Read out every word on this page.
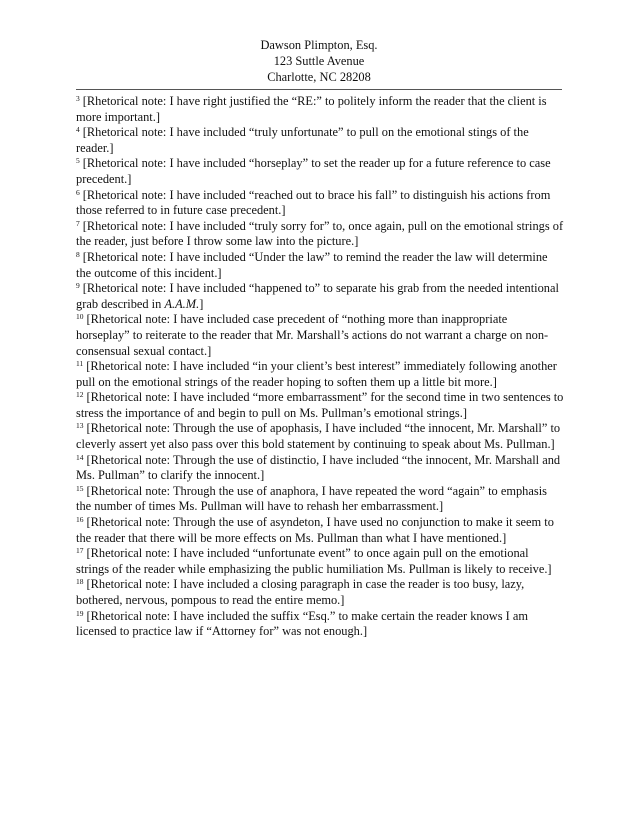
Dawson Plimpton, Esq.
123 Suttle Avenue
Charlotte, NC 28208

$^3$ [Rhetorical note: I have right justified the “RE:” to politely inform the reader that the client is more important.]

$^4$ [Rhetorical note: I have included “truly unfortunate” to pull on the emotional stings of the reader.]

$^5$ [Rhetorical note: I have included “horseplay” to set the reader up for a future reference to case precedent.]

$^6$ [Rhetorical note: I have included “reached out to brace his fall” to distinguish his actions from those referred to in future case precedent.]

$^7$ [Rhetorical note: I have included “truly sorry for” to, once again, pull on the emotional strings of the reader, just before I throw some law into the picture.]

$^8$ [Rhetorical note: I have included “Under the law” to remind the reader the law will determine the outcome of this incident.]

$^9$ [Rhetorical note: I have included “happened to” to separate his grab from the needed intentional grab described in A.A.M.]

$^{10}$ [Rhetorical note: I have included case precedent of “nothing more than inappropriate horseplay” to reiterate to the reader that Mr. Marshall’s actions do not warrant a charge on non-consensual sexual contact.]

$^{11}$ [Rhetorical note: I have included “in your client’s best interest” immediately following another pull on the emotional strings of the reader hoping to soften them up a little bit more.]

$^{12}$ [Rhetorical note: I have included “more embarrassment” for the second time in two sentences to stress the importance of and begin to pull on Ms. Pullman’s emotional strings.]

$^{13}$ [Rhetorical note: Through the use of apophasis, I have included “the innocent, Mr. Marshall” to cleverly assert yet also pass over this bold statement by continuing to speak about Ms. Pullman.]

$^{14}$ [Rhetorical note: Through the use of distinctio, I have included “the innocent, Mr. Marshall and Ms. Pullman” to clarify the innocent.]

$^{15}$ [Rhetorical note: Through the use of anaphora, I have repeated the word “again” to emphasis the number of times Ms. Pullman will have to rehash her embarrassment.]

$^{16}$ [Rhetorical note: Through the use of asyndeton, I have used no conjunction to make it seem to the reader that there will be more effects on Ms. Pullman than what I have mentioned.]

$^{17}$ [Rhetorical note: I have included “unfortunate event” to once again pull on the emotional strings of the reader while emphasizing the public humiliation Ms. Pullman is likely to receive.]

$^{18}$ [Rhetorical note: I have included a closing paragraph in case the reader is too busy, lazy, bothered, nervous, pompous to read the entire memo.]

$^{19}$ [Rhetorical note: I have included the suffix “Esq.” to make certain the reader knows I am licensed to practice law if “Attorney for” was not enough.]
